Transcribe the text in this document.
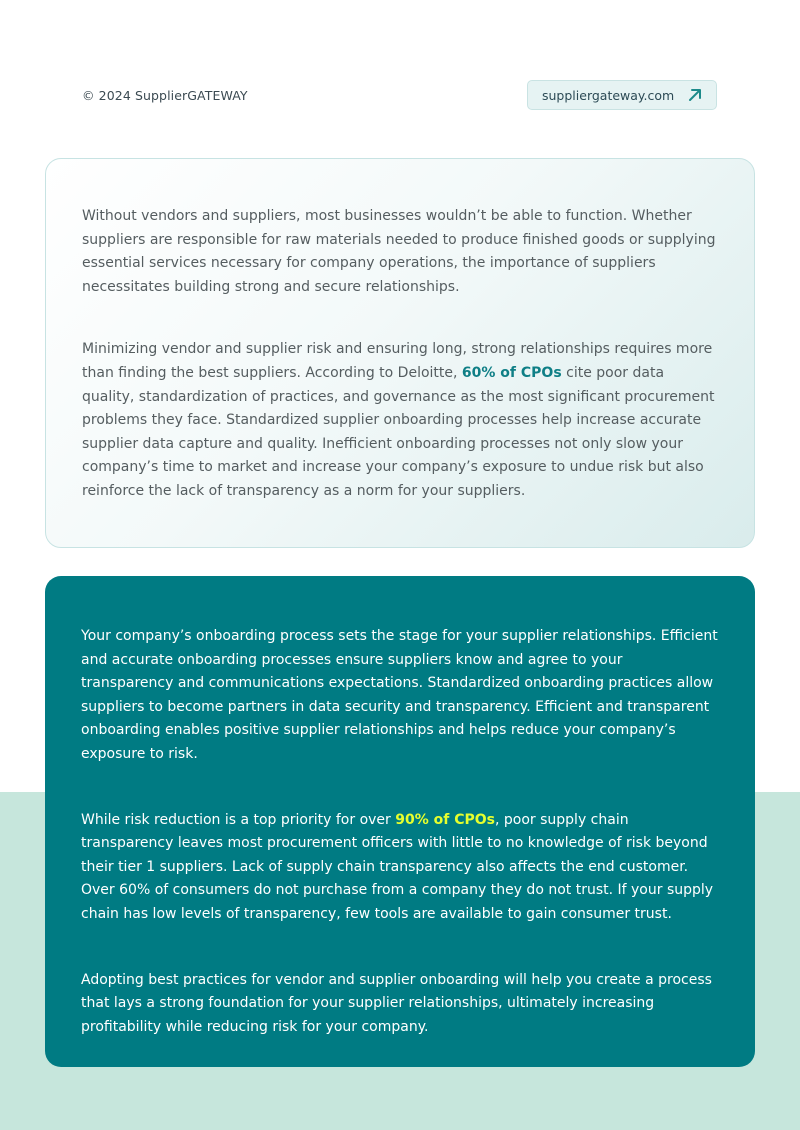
© 2024 SupplierGATEWAY	suppliergateway.com

Without vendors and suppliers, most businesses wouldn’t be able to function. Whether suppliers are responsible for raw materials needed to produce finished goods or supplying essential services necessary for company operations, the importance of suppliers necessitates building strong and secure relationships.

Minimizing vendor and supplier risk and ensuring long, strong relationships requires more than finding the best suppliers. According to Deloitte, 60% of CPOs cite poor data quality, standardization of practices, and governance as the most significant procurement problems they face. Standardized supplier onboarding processes help increase accurate supplier data capture and quality. Inefficient onboarding processes not only slow your company’s time to market and increase your company’s exposure to undue risk but also reinforce the lack of transparency as a norm for your suppliers.

Your company’s onboarding process sets the stage for your supplier relationships. Efficient and accurate onboarding processes ensure suppliers know and agree to your transparency and communications expectations. Standardized onboarding practices allow suppliers to become partners in data security and transparency. Efficient and transparent onboarding enables positive supplier relationships and helps reduce your company’s exposure to risk.

While risk reduction is a top priority for over 90% of CPOs, poor supply chain transparency leaves most procurement officers with little to no knowledge of risk beyond their tier 1 suppliers. Lack of supply chain transparency also affects the end customer. Over 60% of consumers do not purchase from a company they do not trust. If your supply chain has low levels of transparency, few tools are available to gain consumer trust.

Adopting best practices for vendor and supplier onboarding will help you create a process that lays a strong foundation for your supplier relationships, ultimately increasing profitability while reducing risk for your company.
